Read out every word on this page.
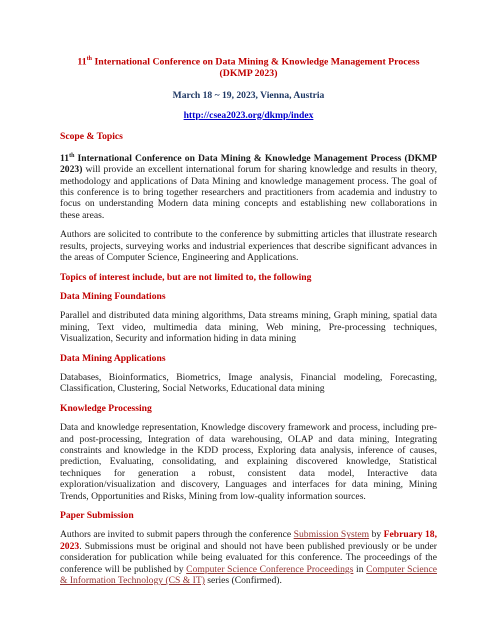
11th International Conference on Data Mining & Knowledge Management Process (DKMP 2023)
March 18 ~ 19, 2023, Vienna, Austria
http://cseа2023.org/dkmp/index
Scope & Topics
11th International Conference on Data Mining & Knowledge Management Process (DKMP 2023) will provide an excellent international forum for sharing knowledge and results in theory, methodology and applications of Data Mining and knowledge management process. The goal of this conference is to bring together researchers and practitioners from academia and industry to focus on understanding Modern data mining concepts and establishing new collaborations in these areas.
Authors are solicited to contribute to the conference by submitting articles that illustrate research results, projects, surveying works and industrial experiences that describe significant advances in the areas of Computer Science, Engineering and Applications.
Topics of interest include, but are not limited to, the following
Data Mining Foundations
Parallel and distributed data mining algorithms, Data streams mining, Graph mining, spatial data mining, Text video, multimedia data mining, Web mining, Pre-processing techniques, Visualization, Security and information hiding in data mining
Data Mining Applications
Databases, Bioinformatics, Biometrics, Image analysis, Financial modeling, Forecasting, Classification, Clustering, Social Networks, Educational data mining
Knowledge Processing
Data and knowledge representation, Knowledge discovery framework and process, including pre- and post-processing, Integration of data warehousing, OLAP and data mining, Integrating constraints and knowledge in the KDD process, Exploring data analysis, inference of causes, prediction, Evaluating, consolidating, and explaining discovered knowledge, Statistical techniques for generation a robust, consistent data model, Interactive data exploration/visualization and discovery, Languages and interfaces for data mining, Mining Trends, Opportunities and Risks, Mining from low-quality information sources.
Paper Submission
Authors are invited to submit papers through the conference Submission System by February 18, 2023. Submissions must be original and should not have been published previously or be under consideration for publication while being evaluated for this conference. The proceedings of the conference will be published by Computer Science Conference Proceedings in Computer Science & Information Technology (CS & IT) series (Confirmed).
